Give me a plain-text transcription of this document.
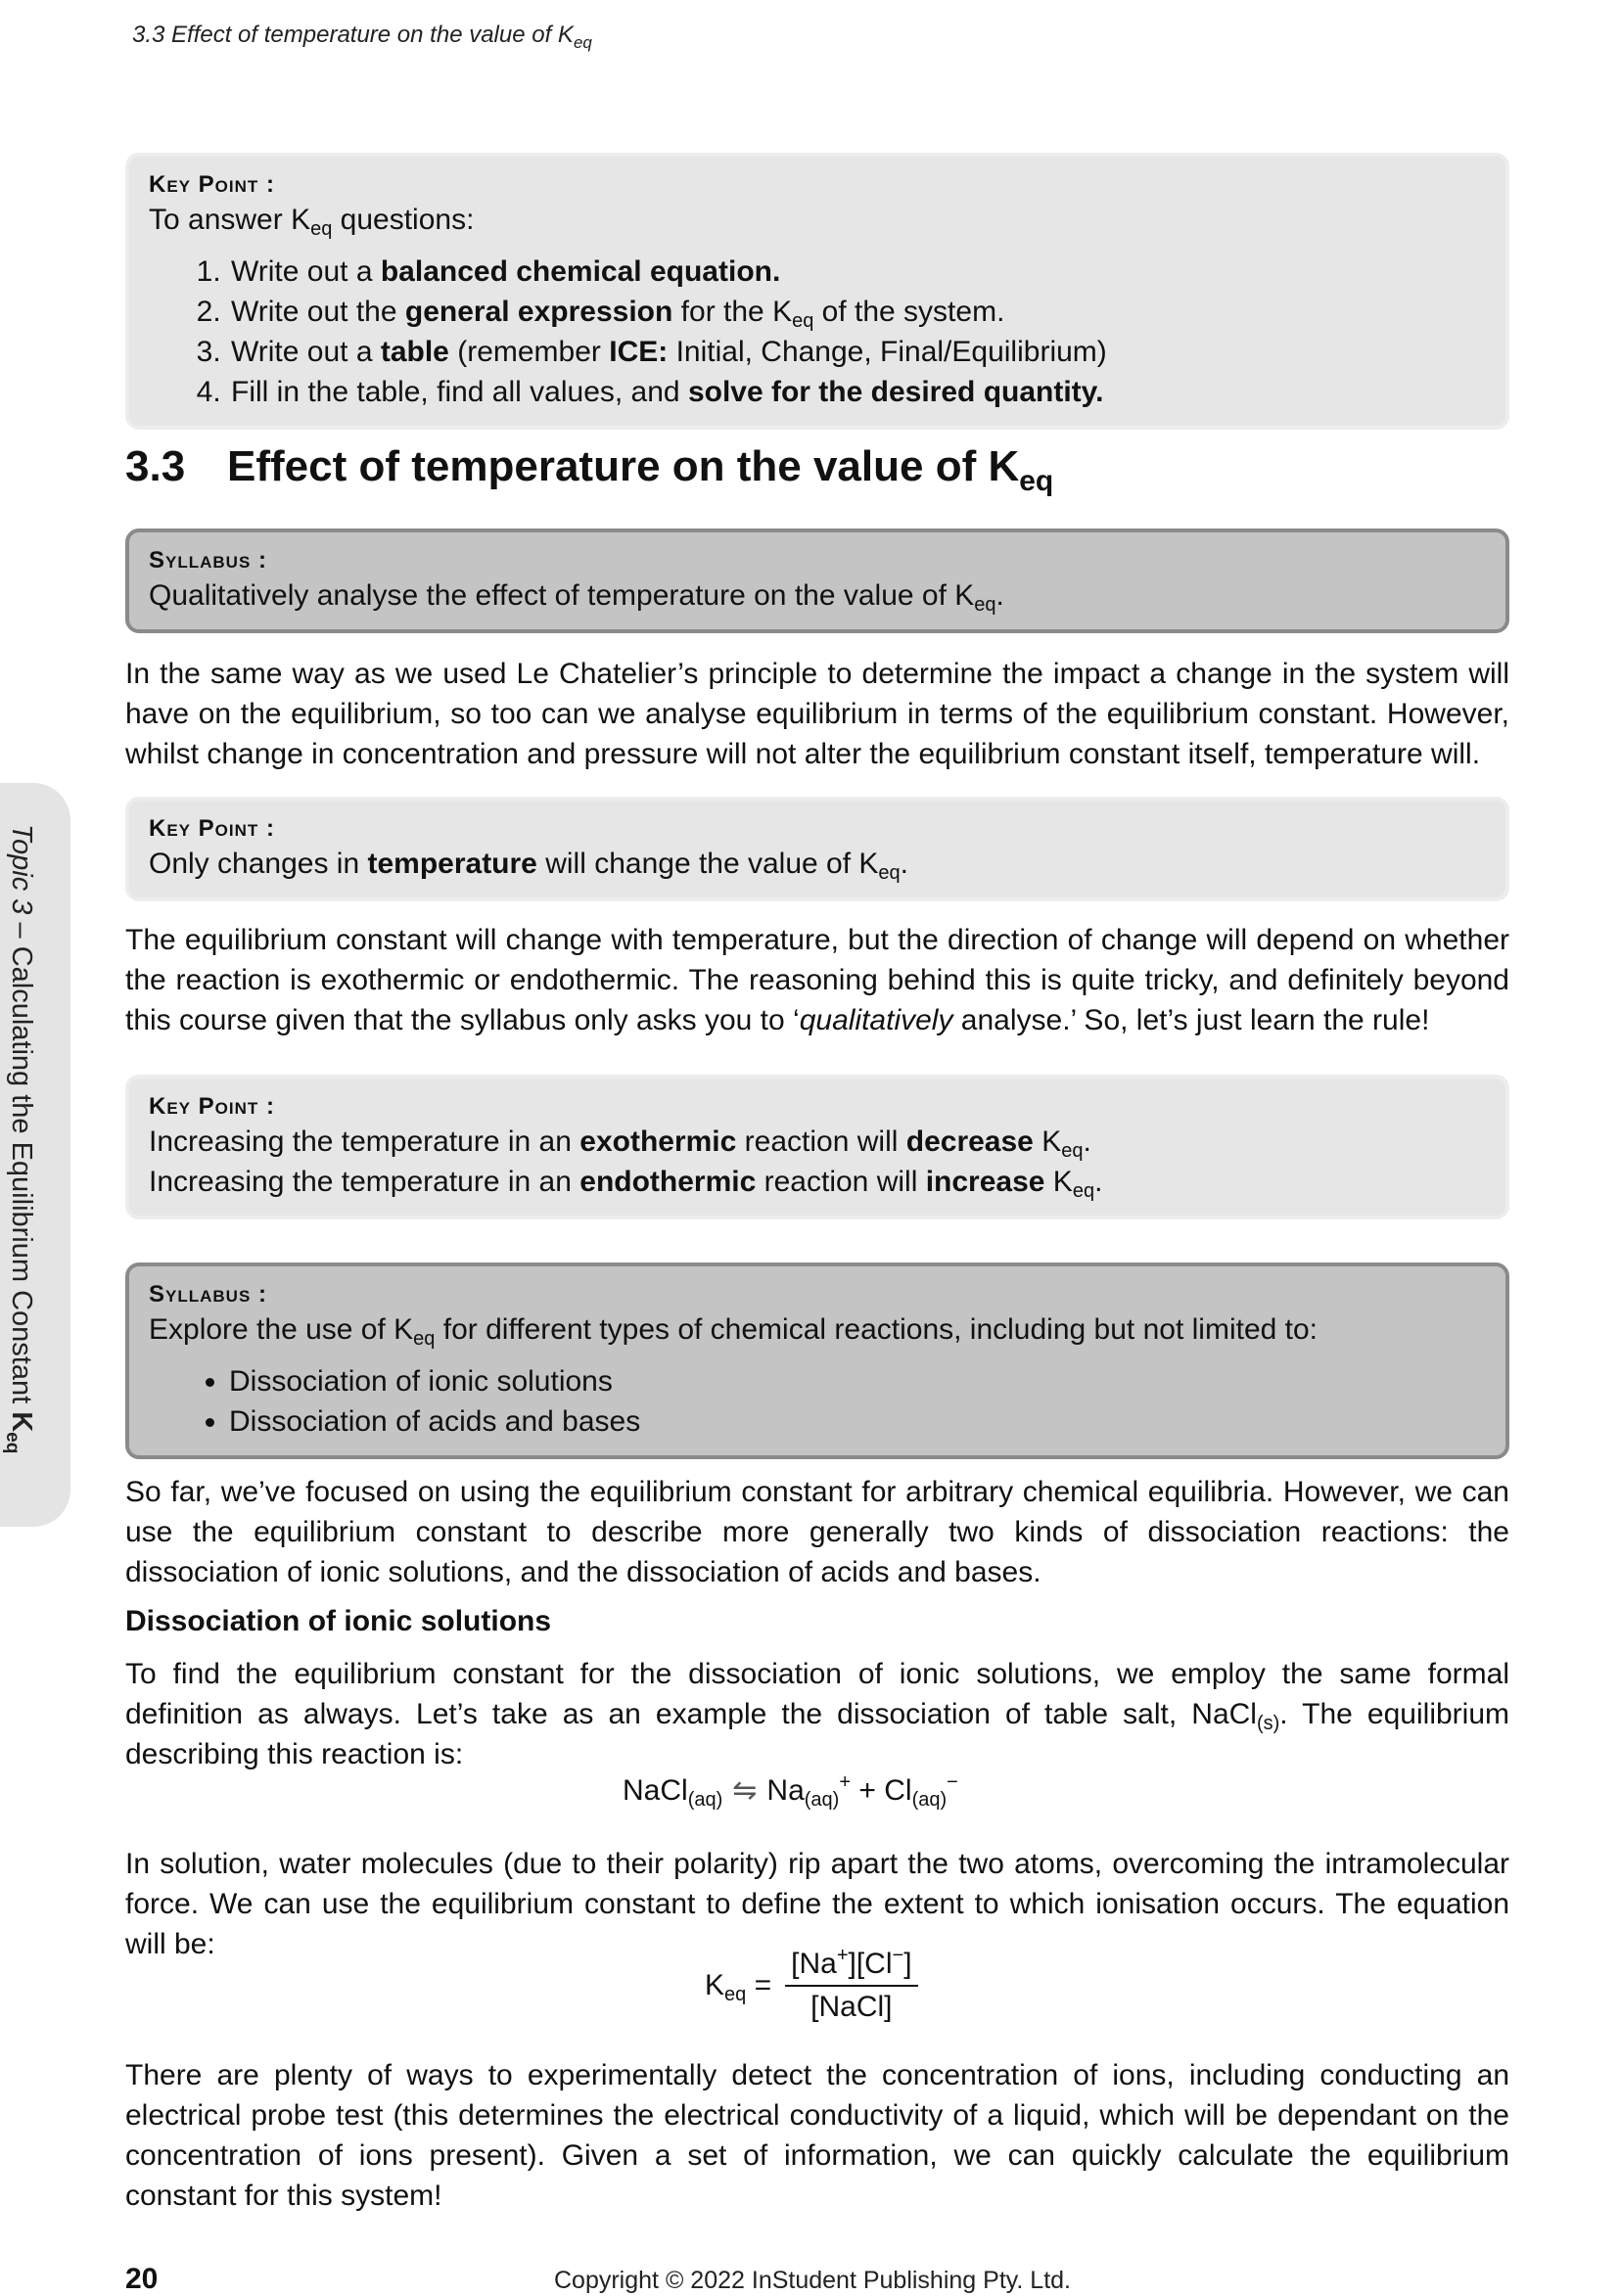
3.3 Effect of temperature on the value of $K_{eq}$
Topic 3 – Calculating the Equilibrium Constant $K_{eq}$
Key Point :
To answer $K_{eq}$ questions:
1. Write out a balanced chemical equation.
2. Write out the general expression for the $K_{eq}$ of the system.
3. Write out a table (remember ICE: Initial, Change, Final/Equilibrium)
4. Fill in the table, find all values, and solve for the desired quantity.
3.3 Effect of temperature on the value of $K_{eq}$
Syllabus :
Qualitatively analyse the effect of temperature on the value of $K_{eq}$.

In the same way as we used Le Chatelier’s principle to determine the impact a change in the system will have on the equilibrium, so too can we analyse equilibrium in terms of the equilibrium constant. However, whilst change in concentration and pressure will not alter the equilibrium constant itself, temperature will.

Key Point :
Only changes in temperature will change the value of $K_{eq}$.

The equilibrium constant will change with temperature, but the direction of change will depend on whether the reaction is exothermic or endothermic. The reasoning behind this is quite tricky, and definitely beyond this course given that the syllabus only asks you to ‘qualitatively analyse.’ So, let’s just learn the rule!

Key Point :
Increasing the temperature in an exothermic reaction will decrease $K_{eq}$.
Increasing the temperature in an endothermic reaction will increase $K_{eq}$.
Syllabus :
Explore the use of $K_{eq}$ for different types of chemical reactions, including but not limited to:
• Dissociation of ionic solutions
• Dissociation of acids and bases

So far, we’ve focused on using the equilibrium constant for arbitrary chemical equilibria. However, we can use the equilibrium constant to describe more generally two kinds of dissociation reactions: the dissociation of ionic solutions, and the dissociation of acids and bases.

Dissociation of ionic solutions

To find the equilibrium constant for the dissociation of ionic solutions, we employ the same formal definition as always. Let’s take as an example the dissociation of table salt, NaCl$_{(s)}$. The equilibrium describing this reaction is:

NaCl$_{(aq)}$ ⇋ $Na_{(aq)}^+ + Cl_{(aq)}^-$

In solution, water molecules (due to their polarity) rip apart the two atoms, overcoming the intramolecular force. We can use the equilibrium constant to define the extent to which ionisation occurs. The equation will be:

$K_{eq} = \frac{[Na^+][Cl^-]}{\text{[NaCl]}}$

There are plenty of ways to experimentally detect the concentration of ions, including conducting an electrical probe test (this determines the electrical conductivity of a liquid, which will be dependant on the concentration of ions present). Given a set of information, we can quickly calculate the equilibrium constant for this system!

20	Copyright © 2022 InStudent Publishing Pty. Ltd.
